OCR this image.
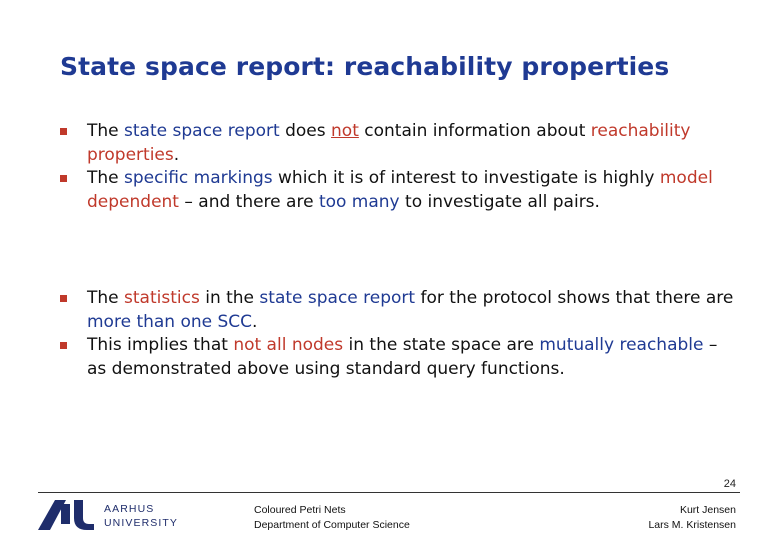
State space report: reachability properties
The state space report does not contain information about reachability properties.
The specific markings which it is of interest to investigate is highly model dependent – and there are too many to investigate all pairs.
The statistics in the state space report for the protocol shows that there are more than one SCC.
This implies that not all nodes in the state space are mutually reachable – as demonstrated above using standard query functions.
24
AARHUS
UNIVERSITY
Coloured Petri Nets
Department of Computer Science
Kurt Jensen
Lars M. Kristensen
